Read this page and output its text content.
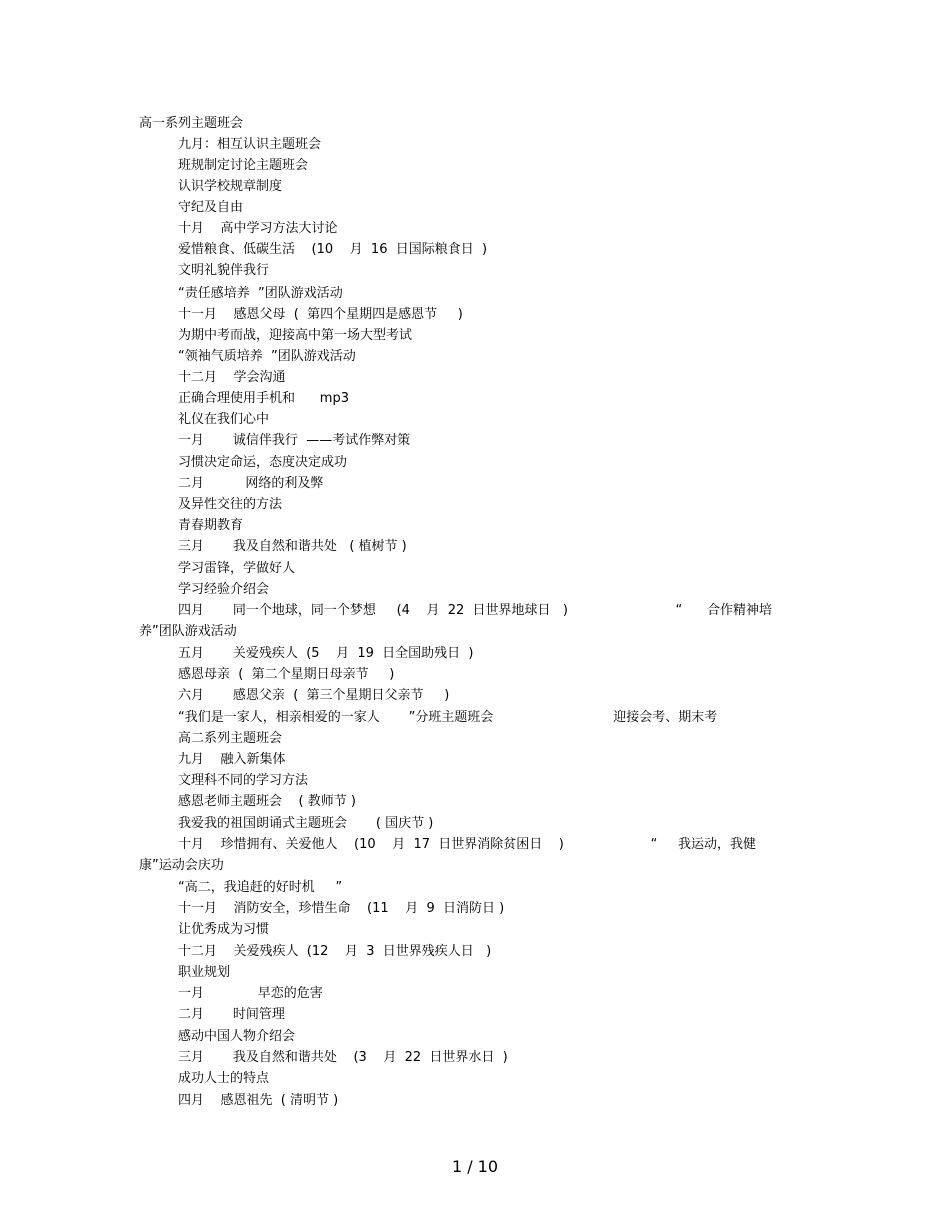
高一系列主题班会
九月：相互认识主题班会
班规制定讨论主题班会
认识学校规章制度
守纪及自由
十月    高中学习方法大讨论
爱惜粮食、低碳生活    (10    月  16  日国际粮食日  )
文明礼貌伴我行
“责任感培养  ”团队游戏活动
十一月    感恩父母  (  第四个星期四是感恩节     )
为期中考而战，迎接高中第一场大型考试
“领袖气质培养  ”团队游戏活动
十二月    学会沟通
正确合理使用手机和      mp3
礼仪在我们心中
一月       诚信伴我行  ——考试作弊对策
习惯决定命运，态度决定成功
二月          网络的利及弊
及异性交往的方法
青春期教育
三月       我及自然和谐共处   ( 植树节 )
学习雷锋，学做好人
学习经验介绍会
四月       同一个地球，同一个梦想     (4    月  22  日世界地球日   )                          “      合作精神培
养”团队游戏活动
五月       关爱残疾人  (5    月  19  日全国助残日  )
感恩母亲  (  第二个星期日母亲节     )
六月       感恩父亲  (  第三个星期日父亲节     )
“我们是一家人，相亲相爱的一家人       ”分班主题班会                             迎接会考、期末考
高二系列主题班会
九月    融入新集体
文理科不同的学习方法
感恩老师主题班会    ( 教师节 )
我爱我的祖国朗诵式主题班会       ( 国庆节 )
十月    珍惜拥有、关爱他人    (10    月  17  日世界消除贫困日    )                     “     我运动，我健
康”运动会庆功
“高二，我追赶的好时机     ”
十一月    消防安全，珍惜生命    (11    月  9  日消防日 )
让优秀成为习惯
十二月    关爱残疾人  (12    月  3  日世界残疾人日   )
职业规划
一月             早恋的危害
二月       时间管理
感动中国人物介绍会
三月       我及自然和谐共处    (3    月  22  日世界水日  )
成功人士的特点
四月    感恩祖先  ( 清明节 )
1 / 10
